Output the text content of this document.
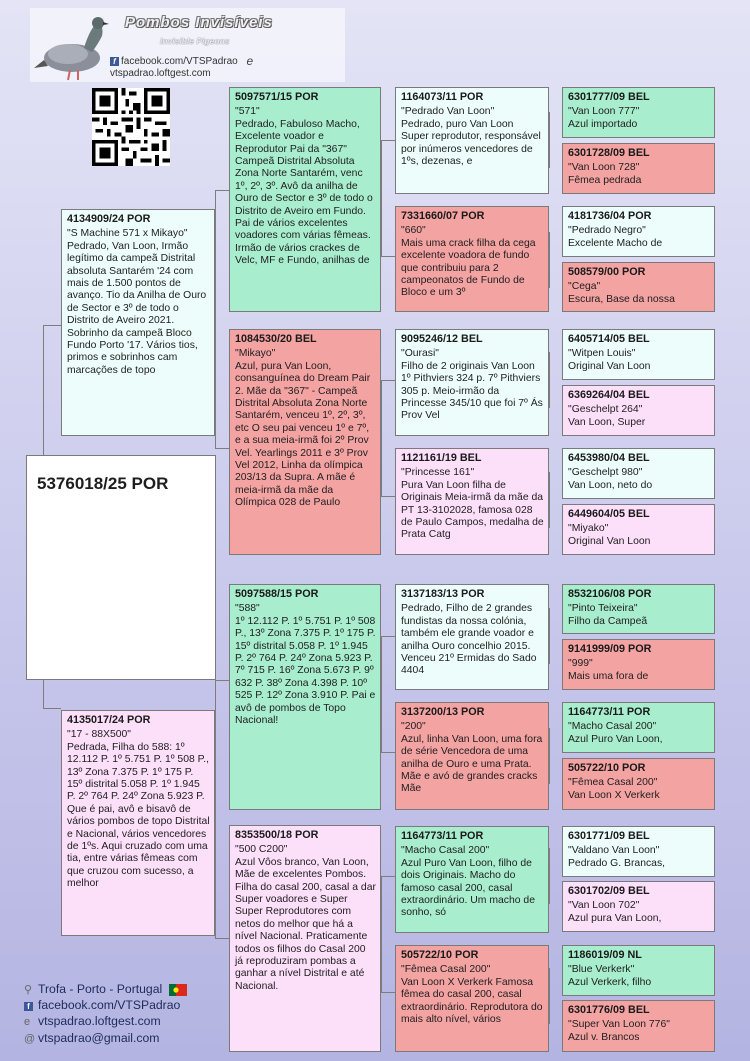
Pombos Invisíveis
Invisible Pigeons
f facebook.com/VTSPadrao evtspadrao.loftgest.com
5376018/25 POR
4134909/24 POR
"S Machine 571 x Mikayo"
Pedrado, Van Loon, Irmão legítimo da campeã Distrital absoluta Santarém '24 com mais de 1.500 pontos de avanço. Tio da Anilha de Ouro de Sector e 3º de todo o Distrito de Aveiro 2021. Sobrinho da campeã Bloco Fundo Porto '17. Vários tios, primos e sobrinhos cam marcações de topo
4135017/24 POR
"17 - 88X500"
Pedrada, Filha do 588: 1º 12.112 P. 1º 5.751 P. 1º 508 P., 13º Zona 7.375 P. 1º 175 P. 15º distrital 5.058 P. 1º 1.945 P. 2º 764 P. 24º Zona 5.923 P. Que é pai, avô e bisavô de vários pombos de topo Distrital e Nacional, vários vencedores de 1ºs. Aqui cruzado com uma tia, entre várias fêmeas com que cruzou com sucesso, a melhor
5097571/15 POR
"571"
Pedrado, Fabuloso Macho, Excelente voador e Reprodutor Pai da "367" Campeã Distrital Absoluta Zona Norte Santarém, venc 1º, 2º, 3º. Avô da anilha de Ouro de Sector e 3º de todo o Distrito de Aveiro em Fundo. Pai de vários excelentes voadores com várias fêmeas. Irmão de vários crackes de Velc, MF e Fundo, anilhas de
1084530/20 BEL
"Mikayo"
Azul, pura Van Loon, consanguínea do Dream Pair 2. Mãe da "367" - Campeã Distrital Absoluta Zona Norte Santarém, venceu 1º, 2º, 3º, etc O seu pai venceu 1º e 7º, e a sua meia-irmã foi 2º Prov Vel. Yearlings 2011 e 3º Prov Vel 2012, Linha da olímpica 203/13 da Supra. A mãe é meia-irmã da mãe da Olímpica 028 de Paulo
5097588/15 POR
"588"
1º 12.112 P. 1º 5.751 P. 1º 508 P., 13º Zona 7.375 P. 1º 175 P. 15º distrital 5.058 P. 1º 1.945 P. 2º 764 P. 24º Zona 5.923 P. 7º 715 P. 16º Zona 5.673 P. 9º 632 P. 38º Zona 4.398 P. 10º 525 P. 12º Zona 3.910 P. Pai e avô de pombos de Topo Nacional!
8353500/18 POR
"500 C200"
Azul Vôos branco, Van Loon, Mãe de excelentes Pombos. Filha do casal 200, casal a dar Super voadores e Super Super Reprodutores com netos do melhor que há a nível Nacional. Praticamente todos os filhos do Casal 200 já reproduziram pombas a ganhar a nível Distrital e até Nacional.
1164073/11 POR
"Pedrado Van Loon"
Pedrado, puro Van Loon Super reprodutor, responsável por inúmeros vencedores de 1ºs, dezenas, e
7331660/07 POR
"660"
Mais uma crack filha da cega excelente voadora de fundo que contribuiu para 2 campeonatos de Fundo de Bloco e um 3º
9095246/12 BEL
"Ourasi"
Filho de 2 originais Van Loon 1º Pithviers 324 p. 7º Pithviers 305 p. Meio-irmão da Princesse 345/10 que foi 7º Ás Prov Vel
1121161/19 BEL
"Princesse 161"
Pura Van Loon filha de Originais Meia-irmã da mãe da PT 13-3102028, famosa 028 de Paulo Campos, medalha de Prata Catg
3137183/13 POR
Pedrado, Filho de 2 grandes fundistas da nossa colónia, também ele grande voador e anilha Ouro concelhio 2015. Venceu 21º Ermidas do Sado 4404
3137200/13 POR
"200"
Azul, linha Van Loon, uma fora de série Vencedora de uma anilha de Ouro e uma Prata. Mãe e avó de grandes cracks Mãe
1164773/11 POR
"Macho Casal 200"
Azul Puro Van Loon, filho de dois Originais. Macho do famoso casal 200, casal extraordinário. Um macho de sonho, só
505722/10 POR
"Fêmea Casal 200"
Van Loon X Verkerk Famosa fêmea do casal 200, casal extraordinário. Reprodutora do mais alto nível, vários
6301777/09 BEL
"Van Loon 777"
Azul importado
6301728/09 BEL
"Van Loon 728"
Fêmea pedrada
4181736/04 POR
"Pedrado Negro"
Excelente Macho de
508579/00 POR
"Cega"
Escura, Base da nossa
6405714/05 BEL
"Witpen Louis"
Original Van Loon
6369264/04 BEL
"Geschelpt 264"
Van Loon, Super
6453980/04 BEL
"Geschelpt 980"
Van Loon, neto do
6449604/05 BEL
"Miyako"
Original Van Loon
8532106/08 POR
"Pinto Teixeira"
Filho da Campeã
9141999/09 POR
"999"
Mais uma fora de
1164773/11 POR
"Macho Casal 200"
Azul Puro Van Loon,
505722/10 POR
"Fêmea Casal 200"
Van Loon X Verkerk
6301771/09 BEL
"Valdano Van Loon"
Pedrado G. Brancas,
6301702/09 BEL
"Van Loon 702"
Azul pura Van Loon,
1186019/09 NL
"Blue Verkerk"
Azul Verkerk, filho
6301776/09 BEL
"Super Van Loon 776"
Azul v. Brancos
⚲ Trofa - Porto - Portugal
f facebook.com/VTSPadrao
e vtspadrao.loftgest.com
@ vtspadrao@gmail.com
